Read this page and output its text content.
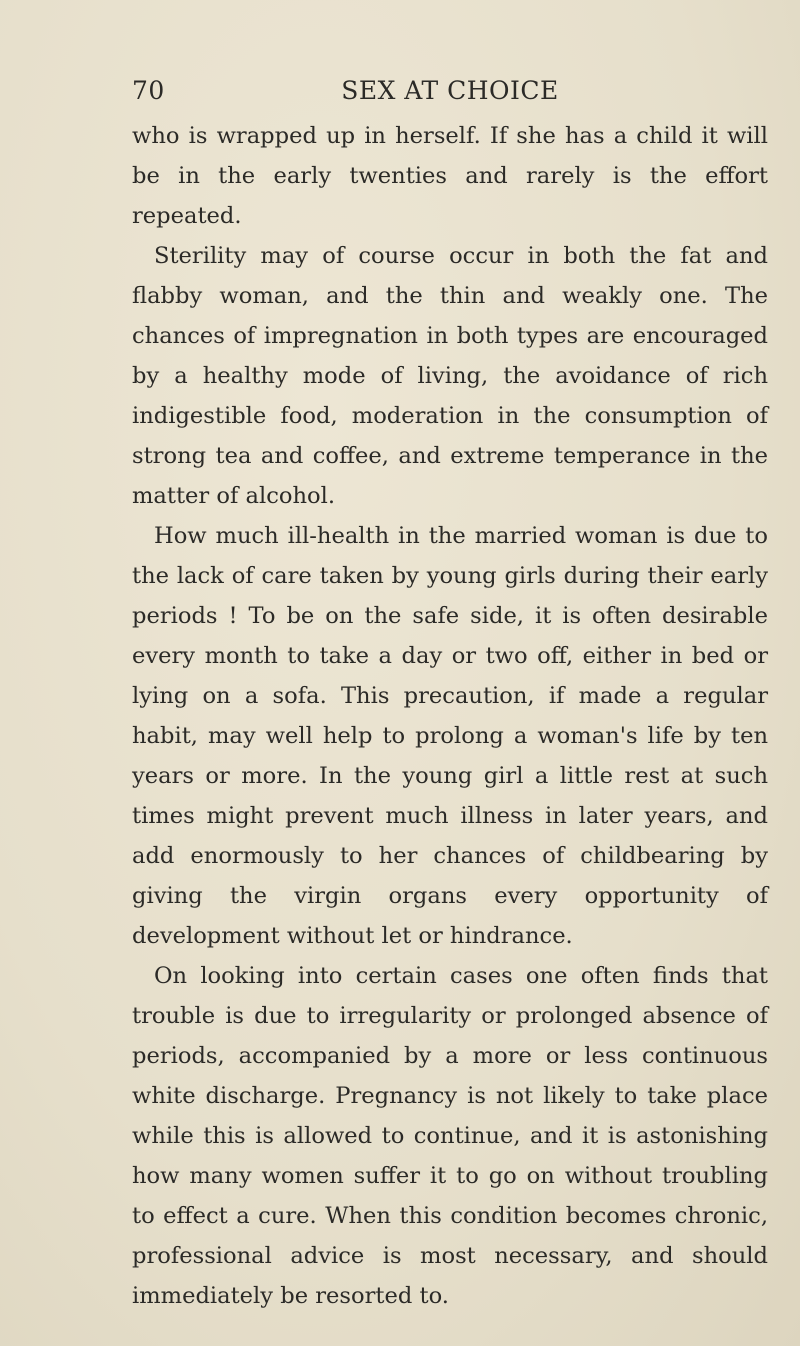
70	SEX AT CHOICE

who is wrapped up in herself. If she has a child it will be in the early twenties and rarely is the effort repeated.

Sterility may of course occur in both the fat and flabby woman, and the thin and weakly one. The chances of impregnation in both types are encouraged by a healthy mode of living, the avoidance of rich indigestible food, moderation in the consumption of strong tea and coffee, and extreme temperance in the matter of alcohol.

How much ill-health in the married woman is due to the lack of care taken by young girls during their early periods ! To be on the safe side, it is often desirable every month to take a day or two off, either in bed or lying on a sofa. This precaution, if made a regular habit, may well help to prolong a woman's life by ten years or more. In the young girl a little rest at such times might prevent much illness in later years, and add enormously to her chances of childbearing by giving the virgin organs every opportunity of development without let or hindrance.

On looking into certain cases one often finds that trouble is due to irregularity or prolonged absence of periods, accompanied by a more or less continuous white discharge. Pregnancy is not likely to take place while this is allowed to continue, and it is astonishing how many women suffer it to go on without troubling to effect a cure. When this condition becomes chronic, professional advice is most necessary, and should immediately be resorted to.
